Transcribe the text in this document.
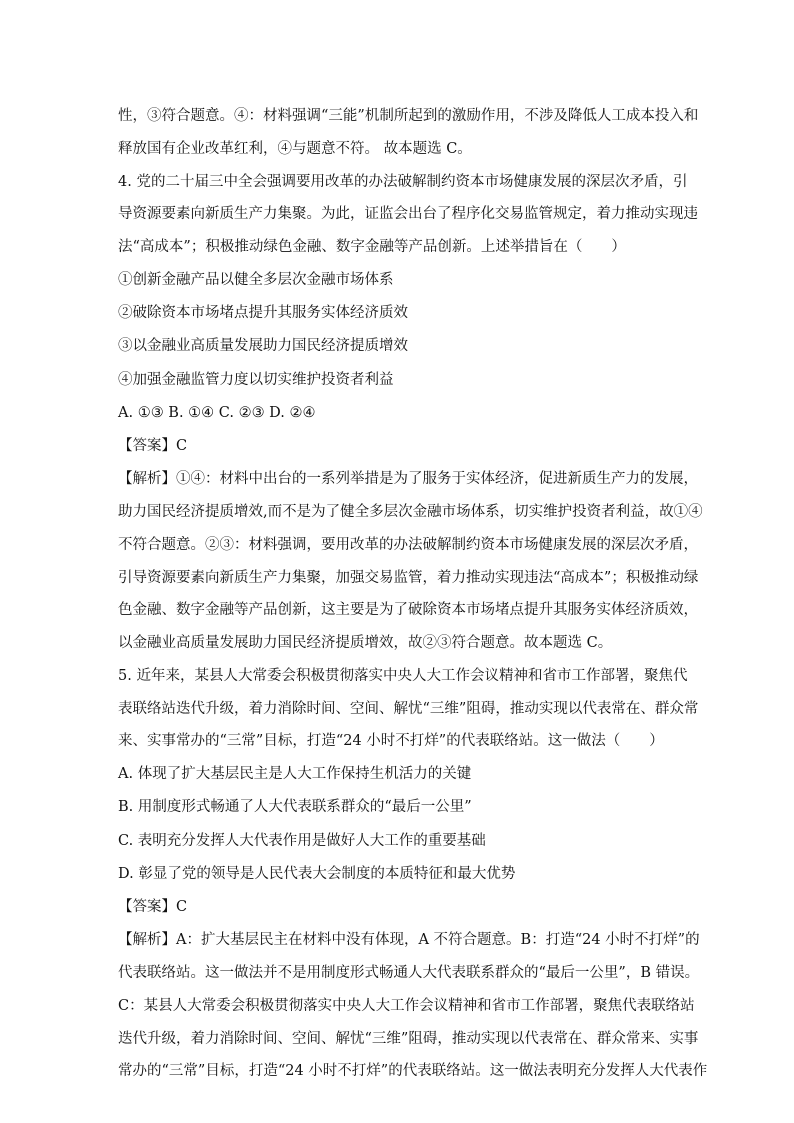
性，③符合题意。④：材料强调“三能”机制所起到的激励作用，不涉及降低人工成本投入和
释放国有企业改革红利，④与题意不符。 故本题选 C。
4. 党的二十届三中全会强调要用改革的办法破解制约资本市场健康发展的深层次矛盾，引
导资源要素向新质生产力集聚。为此，证监会出台了程序化交易监管规定，着力推动实现违
法“高成本”；积极推动绿色金融、数字金融等产品创新。上述举措旨在（　　）
①创新金融产品以健全多层次金融市场体系
②破除资本市场堵点提升其服务实体经济质效
③以金融业高质量发展助力国民经济提质增效
④加强金融监管力度以切实维护投资者利益
A. ①③ B. ①④ C. ②③ D. ②④
【答案】C
【解析】①④：材料中出台的一系列举措是为了服务于实体经济，促进新质生产力的发展，
助力国民经济提质增效,而不是为了健全多层次金融市场体系，切实维护投资者利益，故①④
不符合题意。②③：材料强调，要用改革的办法破解制约资本市场健康发展的深层次矛盾，
引导资源要素向新质生产力集聚，加强交易监管，着力推动实现违法“高成本”；积极推动绿
色金融、数字金融等产品创新，这主要是为了破除资本市场堵点提升其服务实体经济质效，
以金融业高质量发展助力国民经济提质增效，故②③符合题意。故本题选 C。
5. 近年来，某县人大常委会积极贯彻落实中央人大工作会议精神和省市工作部署，聚焦代
表联络站迭代升级，着力消除时间、空间、解忧“三维”阻碍，推动实现以代表常在、群众常
来、实事常办的“三常”目标，打造“24 小时不打烊”的代表联络站。这一做法（　　）
A. 体现了扩大基层民主是人大工作保持生机活力的关键
B. 用制度形式畅通了人大代表联系群众的“最后一公里”
C. 表明充分发挥人大代表作用是做好人大工作的重要基础
D. 彰显了党的领导是人民代表大会制度的本质特征和最大优势
【答案】C
【解析】A：扩大基层民主在材料中没有体现，A 不符合题意。B：打造“24 小时不打烊”的
代表联络站。这一做法并不是用制度形式畅通人大代表联系群众的“最后一公里”，B 错误。
C：某县人大常委会积极贯彻落实中央人大工作会议精神和省市工作部署，聚焦代表联络站
迭代升级，着力消除时间、空间、解忧“三维”阻碍，推动实现以代表常在、群众常来、实事
常办的“三常”目标，打造“24 小时不打烊”的代表联络站。这一做法表明充分发挥人大代表作
